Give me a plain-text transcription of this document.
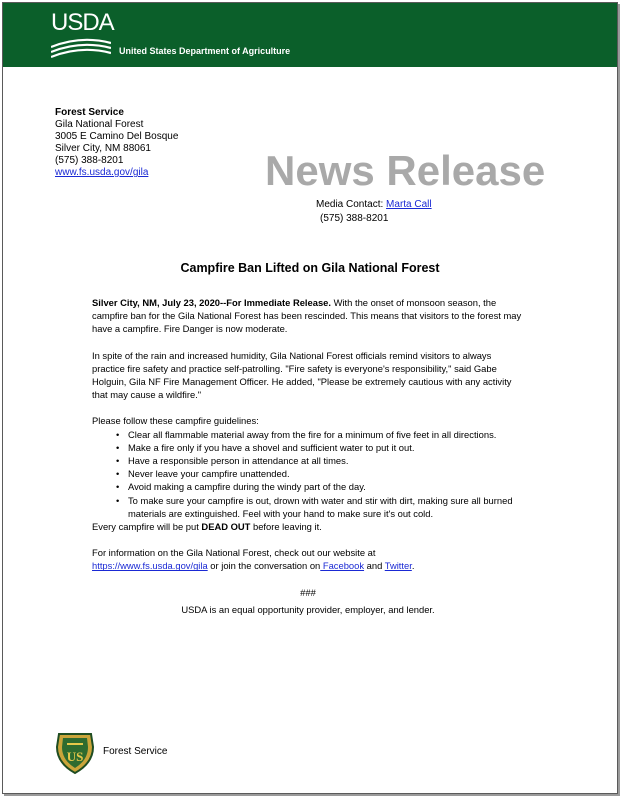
USDA
United States Department of Agriculture
Forest Service
Gila National Forest
3005 E Camino Del Bosque
Silver City, NM 88061
(575) 388-8201
www.fs.usda.gov/gila	News Release
Media Contact: Marta Call
(575) 388-8201
Campfire Ban Lifted on Gila National Forest

Silver City, NM, July 23, 2020--For Immediate Release. With the onset of monsoon season, the campfire ban for the Gila National Forest has been rescinded. This means that visitors to the forest may have a campfire. Fire Danger is now moderate.

In spite of the rain and increased humidity, Gila National Forest officials remind visitors to always practice fire safety and practice self-patrolling. "Fire safety is everyone's responsibility," said Gabe Holguin, Gila NF Fire Management Officer. He added, "Please be extremely cautious with any activity that may cause a wildfire."

Please follow these campfire guidelines:
• Clear all flammable material away from the fire for a minimum of five feet in all directions.
• Make a fire only if you have a shovel and sufficient water to put it out.
• Have a responsible person in attendance at all times.
• Never leave your campfire unattended.
• Avoid making a campfire during the windy part of the day.
• To make sure your campfire is out, drown with water and stir with dirt, making sure all burned materials are extinguished. Feel with your hand to make sure it's out cold.

Every campfire will be put DEAD OUT before leaving it.

For information on the Gila National Forest, check out our website at
https://www.fs.usda.gov/gila or join the conversation on Facebook and Twitter.

###
USDA is an equal opportunity provider, employer, and lender.
US Forest Service
